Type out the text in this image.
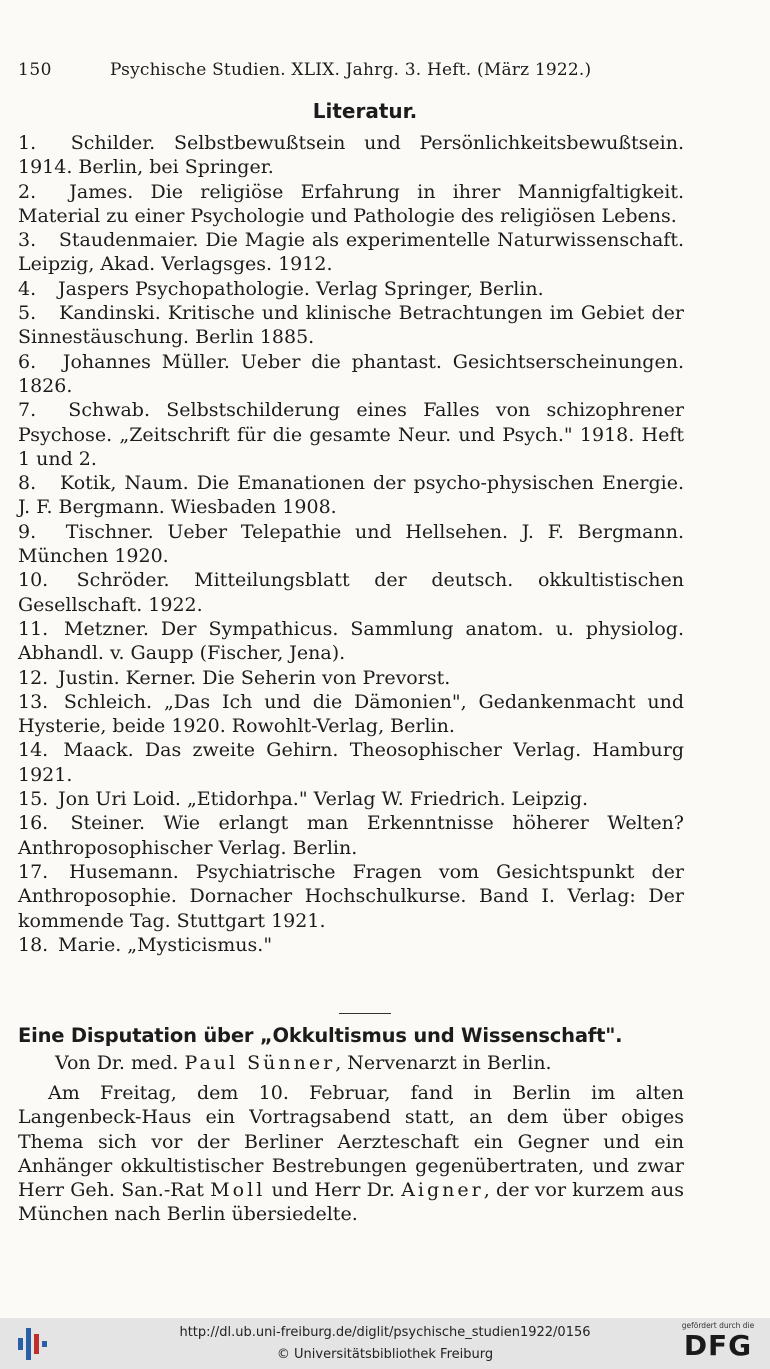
150	Psychische Studien. XLIX. Jahrg. 3. Heft. (März 1922.)
Literatur.

1. Schilder. Selbstbewußtsein und Persönlichkeitsbewußtsein. 1914. Berlin, bei Springer.

2. James. Die religiöse Erfahrung in ihrer Mannigfaltigkeit. Material zu einer Psychologie und Pathologie des religiösen Lebens.

3. Staudenmaier. Die Magie als experimentelle Naturwissenschaft. Leipzig, Akad. Verlagsges. 1912.

4. Jaspers Psychopathologie. Verlag Springer, Berlin.

5. Kandinski. Kritische und klinische Betrachtungen im Gebiet der Sinnestäuschung. Berlin 1885.

6. Johannes Müller. Ueber die phantast. Gesichtserscheinungen. 1826.

7. Schwab. Selbstschilderung eines Falles von schizophrener Psychose. „Zeitschrift für die gesamte Neur. und Psych." 1918. Heft 1 und 2.

8. Kotik, Naum. Die Emanationen der psycho-physischen Energie. J. F. Bergmann. Wiesbaden 1908.

9. Tischner. Ueber Telepathie und Hellsehen. J. F. Bergmann. München 1920.

10. Schröder. Mitteilungsblatt der deutsch. okkultistischen Gesellschaft. 1922.

11. Metzner. Der Sympathicus. Sammlung anatom. u. physiolog. Abhandl. v. Gaupp (Fischer, Jena).

12. Justin. Kerner. Die Seherin von Prevorst.

13. Schleich. „Das Ich und die Dämonien", Gedankenmacht und Hysterie, beide 1920. Rowohlt-Verlag, Berlin.

14. Maack. Das zweite Gehirn. Theosophischer Verlag. Hamburg 1921.

15. Jon Uri Loid. „Etidorhpa." Verlag W. Friedrich. Leipzig.

16. Steiner. Wie erlangt man Erkenntnisse höherer Welten? Anthroposophischer Verlag. Berlin.

17. Husemann. Psychiatrische Fragen vom Gesichtspunkt der Anthroposophie. Dornacher Hochschulkurse. Band I. Verlag: Der kommende Tag. Stuttgart 1921.

18. Marie. „Mysticismus."

Eine Disputation über „Okkultismus und Wissenschaft".
Von Dr. med. Paul Sünner, Nervenarzt in Berlin.

Am Freitag, dem 10. Februar, fand in Berlin im alten Langenbeck-Haus ein Vortragsabend statt, an dem über obiges Thema sich vor der Berliner Aerzteschaft ein Gegner und ein Anhänger okkultistischer Bestrebungen gegenübertraten, und zwar Herr Geh. San.-Rat Moll und Herr Dr. Aigner, der vor kurzem aus München nach Berlin übersiedelte.

http://dl.ub.uni-freiburg.de/diglit/psychische_studien1922/0156
© Universitätsbibliothek Freiburg
gefördert durch die
DFG
